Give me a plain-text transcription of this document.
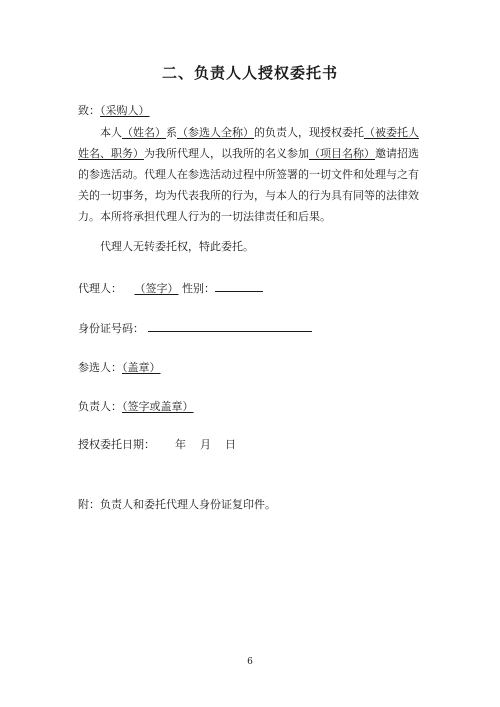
二、负责人人授权委托书
致：（采购人）
本人（姓名）系（参选人全称）的负责人，现授权委托（被委托人姓名、职务）为我所代理人，以我所的名义参加（项目名称）邀请招选的参选活动。代理人在参选活动过程中所签署的一切文件和处理与之有关的一切事务，均为代表我所的行为，与本人的行为具有同等的法律效力。本所将承担代理人行为的一切法律责任和后果。
代理人无转委托权，特此委托。
代理人： （签字） 性别：
身份证号码：
参选人：（盖章）
负责人：（签字或盖章）
授权委托日期： 年 月 日
附：负责人和委托代理人身份证复印件。
6
